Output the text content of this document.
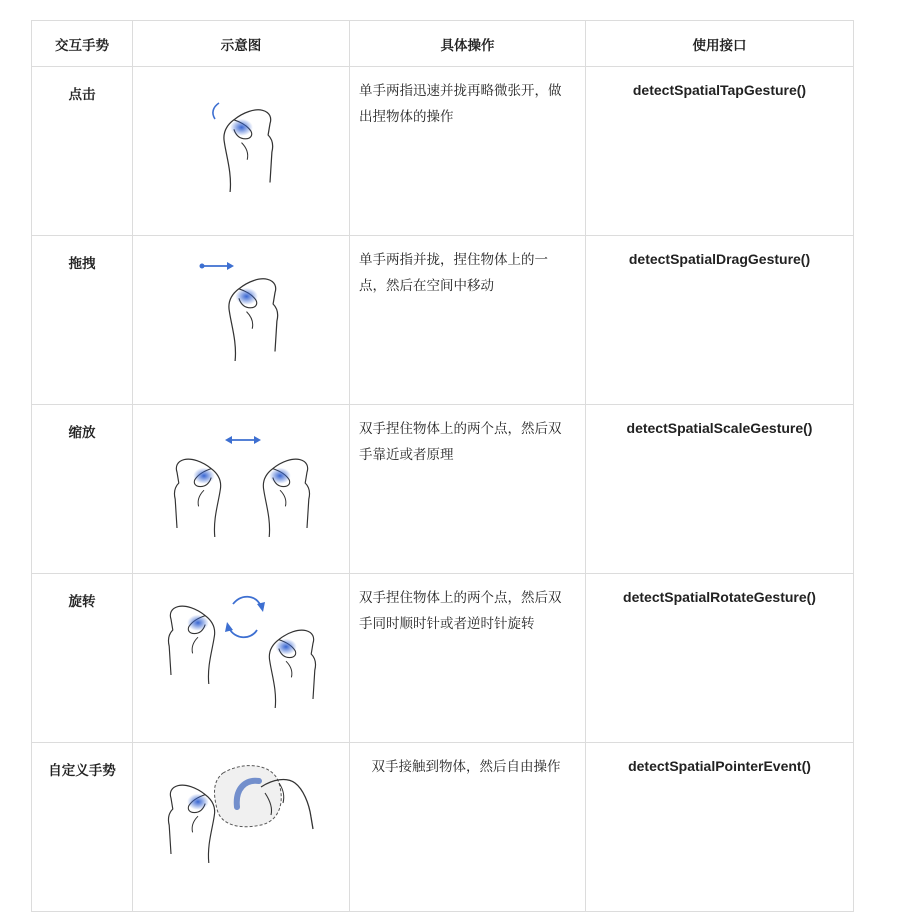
交互手势	示意图	具体操作	使用接口
点击		单手两指迅速并拢再略微张开，做出捏物体的操作	detectSpatialTapGesture()
拖拽		单手两指并拢，捏住物体上的一点，然后在空间中移动	detectSpatialDragGesture()
缩放		双手捏住物体上的两个点，然后双手靠近或者原理	detectSpatialScaleGesture()
旋转		双手捏住物体上的两个点，然后双手同时顺时针或者逆时针旋转	detectSpatialRotateGesture()
自定义手势		双手接触到物体，然后自由操作	detectSpatialPointerEvent()
